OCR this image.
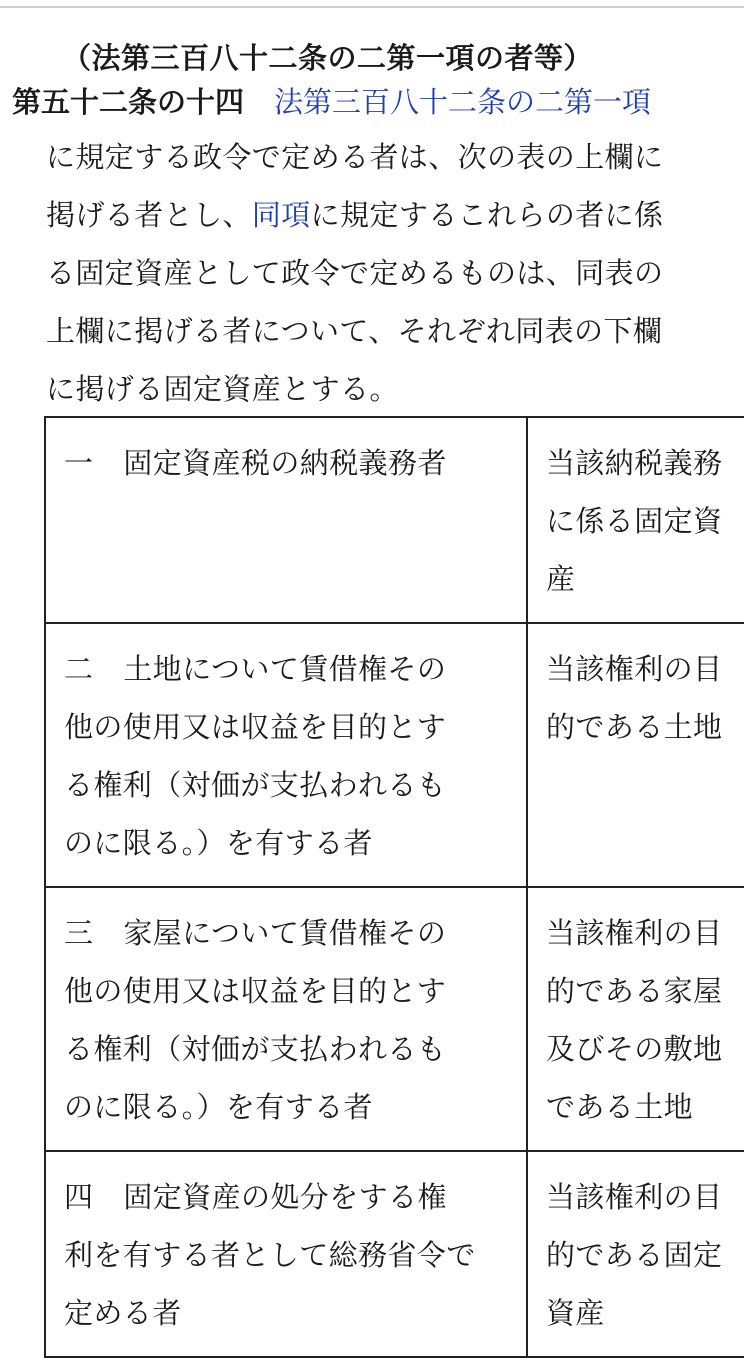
（法第三百八十二条の二第一項の者等）
第五十二条の十四 法第三百八十二条の二第一項
に規定する政令で定める者は、次の表の上欄に
掲げる者とし、同項に規定するこれらの者に係
る固定資産として政令で定めるものは、同表の
上欄に掲げる者について、それぞれ同表の下欄
に掲げる固定資産とする。
一 固定資産税の納税義務者	当該納税義務
に係る固定資
産

二 土地について賃借権その
他の使用又は収益を目的とす
る権利（対価が支払われるも
のに限る。）を有する者	当該権利の目
的である土地

三 家屋について賃借権その
他の使用又は収益を目的とす
る権利（対価が支払われるも
のに限る。）を有する者	当該権利の目
的である家屋
及びその敷地
である土地

四 固定資産の処分をする権
利を有する者として総務省令で
定める者	当該権利の目
的である固定
資産
